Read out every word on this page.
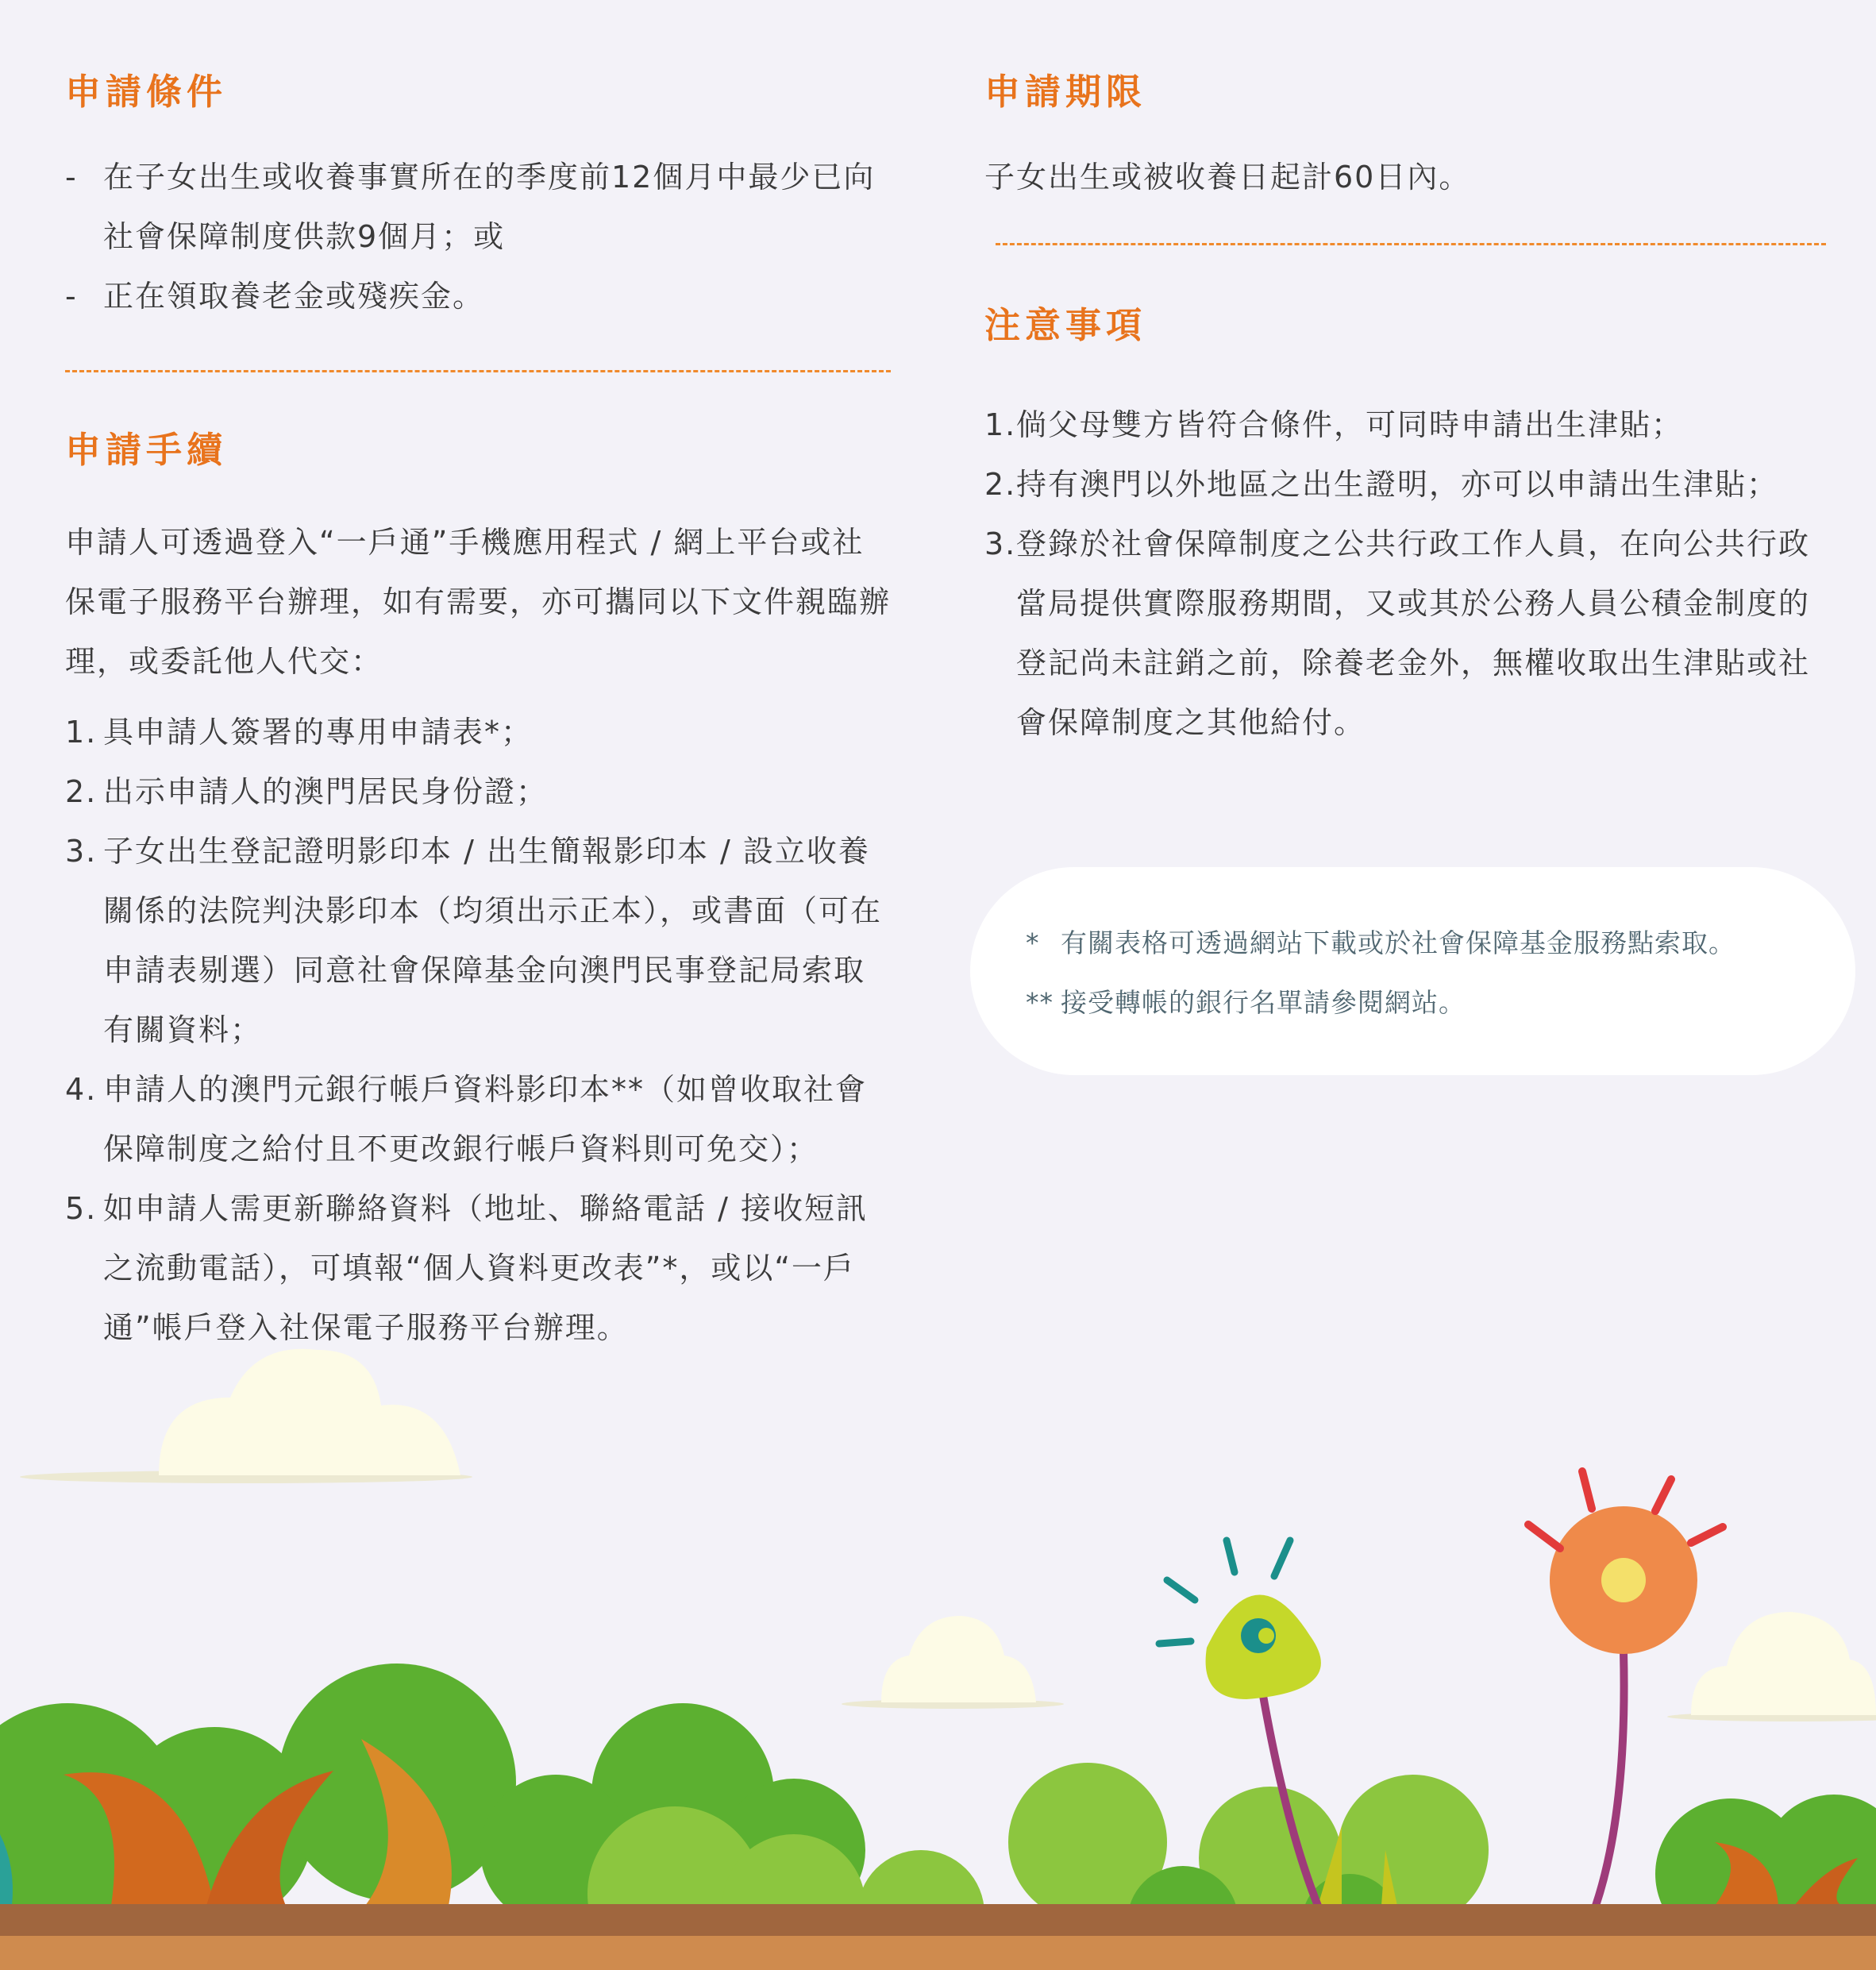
申請條件
- 在子女出生或收養事實所在的季度前12個月中最少已向社會保障制度供款9個月；或
- 正在領取養老金或殘疾金。
申請手續

申請人可透過登入“一戶通”手機應用程式 / 網上平台或社保電子服務平台辦理，如有需要，亦可攜同以下文件親臨辦理，或委託他人代交：

1. 具申請人簽署的專用申請表*；
2. 出示申請人的澳門居民身份證；
3. 子女出生登記證明影印本 / 出生簡報影印本 / 設立收養關係的法院判決影印本（均須出示正本），或書面（可在申請表剔選）同意社會保障基金向澳門民事登記局索取有關資料；
4. 申請人的澳門元銀行帳戶資料影印本**（如曾收取社會保障制度之給付且不更改銀行帳戶資料則可免交）；
5. 如申請人需更新聯絡資料（地址、聯絡電話 / 接收短訊之流動電話），可填報“個人資料更改表”*，或以“一戶通”帳戶登入社保電子服務平台辦理。
申請期限

子女出生或被收養日起計60日內。

注意事項
1. 倘父母雙方皆符合條件，可同時申請出生津貼；
2. 持有澳門以外地區之出生證明，亦可以申請出生津貼；
3. 登錄於社會保障制度之公共行政工作人員，在向公共行政當局提供實際服務期間，又或其於公務人員公積金制度的登記尚未註銷之前，除養老金外，無權收取出生津貼或社會保障制度之其他給付。
* 有關表格可透過網站下載或於社會保障基金服務點索取。
** 接受轉帳的銀行名單請參閱網站。
